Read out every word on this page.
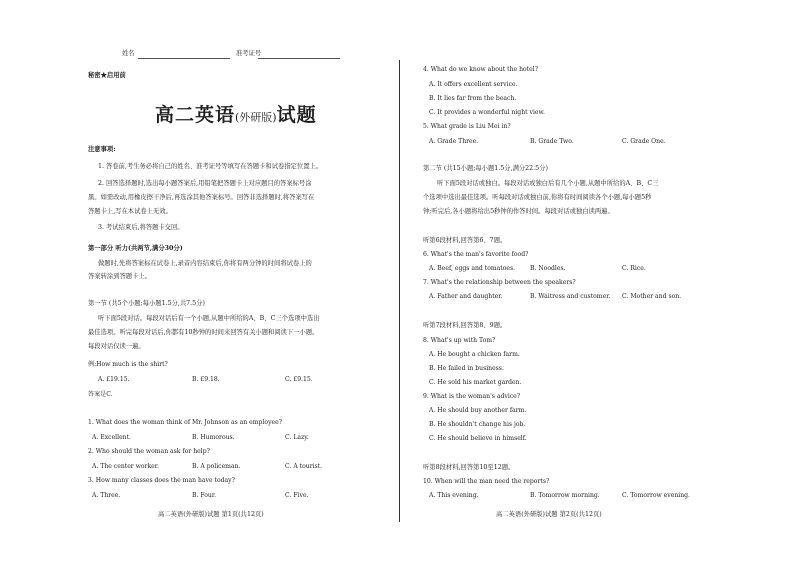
姓名	准考证号
秘密★启用前
高二英语(外研版)试题
注意事项:
1. 答卷前,考生务必将自己的姓名、准考证号等填写在答题卡和试卷指定位置上。
2. 回答选择题时,选出每小题答案后,用铅笔把答题卡上对应题目的答案标号涂
黑。如需改动,用橡皮擦干净后,再选涂其他答案标号。回答非选择题时,将答案写在
答题卡上,写在本试卷上无效。
3. 考试结束后,将答题卡交回。
第一部分 听力(共两节,满分30分)
做题时,先将答案标在试卷上,录音内容结束后,你将有两分钟的时间将试卷上的
答案转涂到答题卡上。
第一节 (共5个小题;每小题1.5分,共7.5分)
听下面5段对话。每段对话后有一个小题,从题中所给的A、B、C三个选项中选出
最佳选项。听完每段对话后,你都有10秒钟的时间来回答有关小题和阅读下一小题。
每段对话仅读一遍。
例:How much is the shirt?
A. £19.15.	B. £9.18.	C. £9.15.
答案是C.
1. What does the woman think of Mr. Johnson as an employee?
A. Excellent.	B. Humorous.	C. Lazy.
2. Who should the woman ask for help?
A. The center worker.	B. A policeman.	C. A tourist.
3. How many classes does the man have today?
A. Three.	B. Four.	C. Five.
高二英语(外研版)试题 第1页(共12页)
4. What do we know about the hotel?
A. It offers excellent service.
B. It lies far from the beach.
C. It provides a wonderful night view.
5. What grade is Liu Mei in?
A. Grade Three.	B. Grade Two.	C. Grade One.
第二节 (共15小题;每小题1.5分,满分22.5分)
听下面5段对话或独白。每段对话或独白后有几个小题,从题中所给的A、B、C三
个选项中选出最佳选项。听每段对话或独白前,你将有时间阅读各个小题,每小题5秒
钟;听完后,各小题将给出5秒钟的作答时间。每段对话或独白读两遍。
听第6段材料,回答第6、7题。
6. What's the man's favorite food?
A. Beef, eggs and tomatoes. B. Noodles.	C. Rice.
7. What's the relationship between the speakers?
A. Father and daughter.	B. Waitress and customer. C. Mother and son.
听第7段材料,回答第8、9题。
8. What's up with Tom?
A. He bought a chicken farm.
B. He failed in business.
C. He sold his market garden.
9. What is the woman's advice?
A. He should buy another farm.
B. He shouldn't change his job.
C. He should believe in himself.
听第8段材料,回答第10至12题。
10. When will the man need the reports?
A. This evening.	B. Tomorrow morning.	C. Tomorrow evening.
高二英语(外研版)试题 第2页(共12页)
